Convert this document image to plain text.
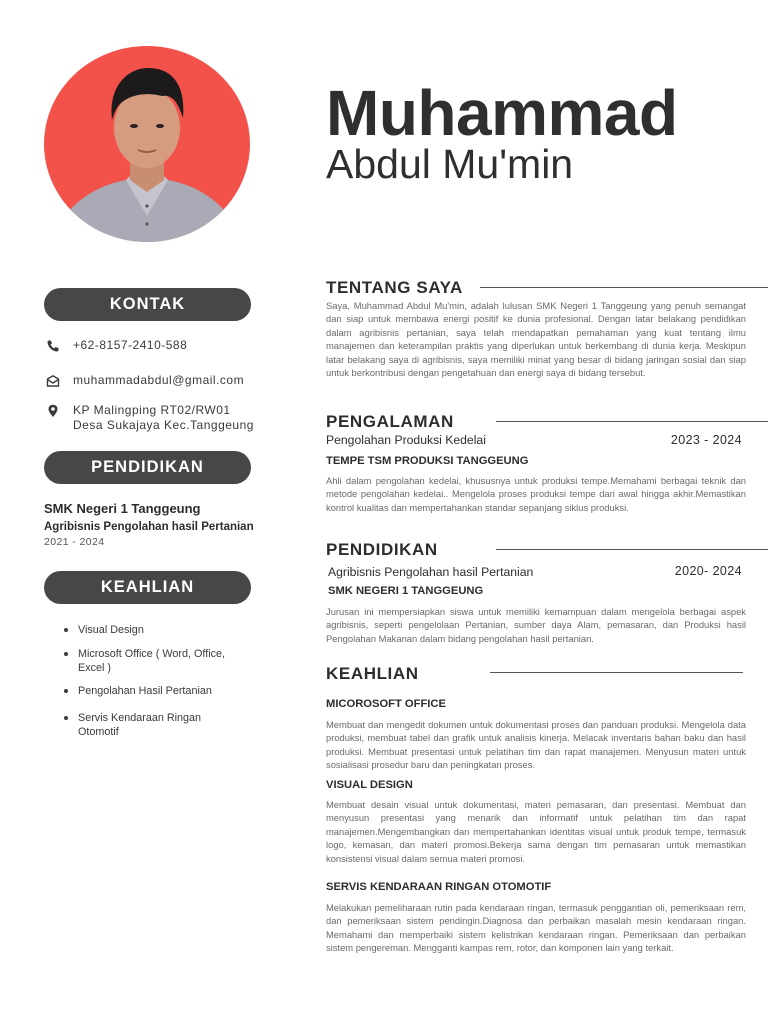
KONTAK
+62-8157-2410-588
muhammadabdul@gmail.com
KP Malingping RT02/RW01
Desa Sukajaya Kec.Tanggeung
PENDIDIKAN
SMK Negeri 1 Tanggeung
Agribisnis Pengolahan hasil Pertanian
2021 - 2024
KEAHLIAN
Visual Design
Microsoft Office ( Word, Office, Excel )
Pengolahan Hasil Pertanian
Servis Kendaraan Ringan Otomotif
Muhammad
Abdul Mu'min
TENTANG SAYA
Saya, Muhammad Abdul Mu'min, adalah lulusan SMK Negeri 1 Tanggeung yang penuh semangat dan siap untuk membawa energi positif ke dunia profesional. Dengan latar belakang pendidikan dalam agribisnis pertanian, saya telah mendapatkan pemahaman yang kuat tentang ilmu manajemen dan keterampilan praktis yang diperlukan untuk berkembang di dunia kerja. Meskipun latar belakang saya di agribisnis, saya memiliki minat yang besar di bidang jaringan sosial dan siap untuk berkontribusi dengan pengetahuan dan energi saya di bidang tersebut.
PENGALAMAN
Pengolahan Produksi Kedelai	2023 - 2024
TEMPE TSM PRODUKSI TANGGEUNG
Ahli dalam pengolahan kedelai, khususnya untuk produksi tempe.Memahami berbagai teknik dan metode pengolahan kedelai.. Mengelola proses produksi tempe dari awal hingga akhir.Memastikan kontrol kualitas dan mempertahankan standar sepanjang siklus produksi.
PENDIDIKAN
Agribisnis Pengolahan hasil Pertanian	2020- 2024
SMK NEGERI 1 TANGGEUNG
Jurusan ini mempersiapkan siswa untuk memiliki kemampuan dalam mengelola berbagai aspek agribisnis, seperti pengelolaan Pertanian, sumber daya Alam, pemasaran, dan Produksi hasil Pengolahan Makanan dalam bidang pengolahan hasil pertanian.
KEAHLIAN
MICOROSOFT OFFICE
Membuat dan mengedit dokumen untuk dokumentasi proses dan panduan produksi. Mengelola data produksi, membuat tabel dan grafik untuk analisis kinerja. Melacak inventaris bahan baku dan hasil produksi. Membuat presentasi untuk pelatihan tim dan rapat manajemen. Menyusun materi untuk sosialisasi prosedur baru dan peningkatan proses.
VISUAL DESIGN
Membuat desain visual untuk dokumentasi, materi pemasaran, dan presentasi. Membuat dan menyusun presentasi yang menarik dan informatif untuk pelatihan tim dan rapat manajemen.Mengembangkan dan mempertahankan identitas visual untuk produk tempe, termasuk logo, kemasan, dan materi promosi.Bekerja sama dengan tim pemasaran untuk memastikan konsistensi visual dalam semua materi promosi.
SERVIS KENDARAAN RINGAN OTOMOTIF
Melakukan pemeliharaan rutin pada kendaraan ringan, termasuk penggantian oli, pemeriksaan rem, dan pemeriksaan sistem pendingin.Diagnosa dan perbaikan masalah mesin kendaraan ringan. Memahami dan memperbaiki sistem kelistrikan kendaraan ringan. Pemeriksaan dan perbaikan sistem pengereman. Mengganti kampas rem, rotor, dan komponen lain yang terkait.
